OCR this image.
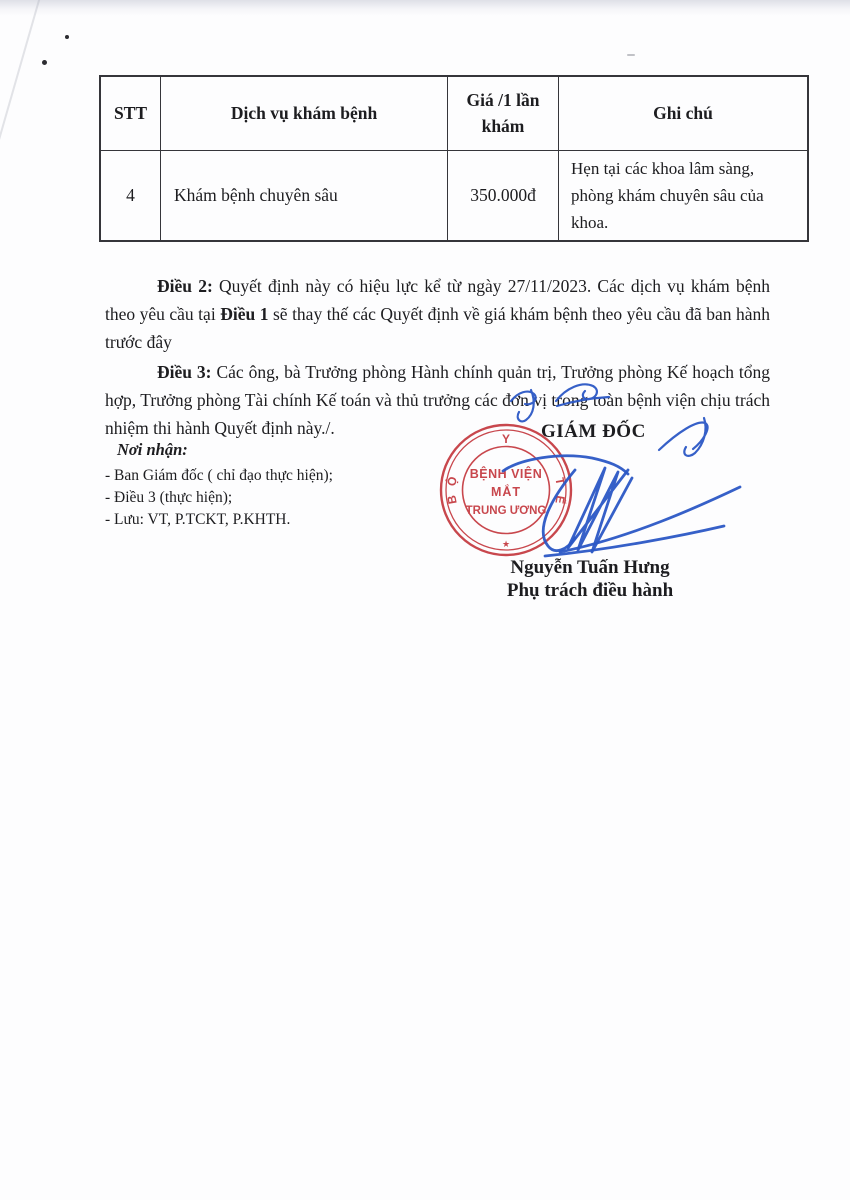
STT	Dịch vụ khám bệnh	Giá /1 lần khám	Ghi chú
4	Khám bệnh chuyên sâu	350.000đ	Hẹn tại các khoa lâm sàng, phòng khám chuyên sâu của khoa.

Điều 2: Quyết định này có hiệu lực kể từ ngày 27/11/2023. Các dịch vụ khám bệnh theo yêu cầu tại Điều 1 sẽ thay thế các Quyết định về giá khám bệnh theo yêu cầu đã ban hành trước đây

Điều 3: Các ông, bà Trưởng phòng Hành chính quản trị, Trưởng phòng Kế hoạch tổng hợp, Trưởng phòng Tài chính Kế toán và thủ trưởng các đơn vị trong toàn bệnh viện chịu trách nhiệm thi hành Quyết định này./.

Nơi nhận:
- Ban Giám đốc ( chỉ đạo thực hiện);
- Điều 3 (thực hiện);
- Lưu: VT, P.TCKT, P.KHTH.
GIÁM ĐỐC
B
Ộ
Y
T
Ế
★
BỆNH VIỆN
MẮT
TRUNG ƯƠNG
Nguyễn Tuấn Hưng
Phụ trách điều hành
